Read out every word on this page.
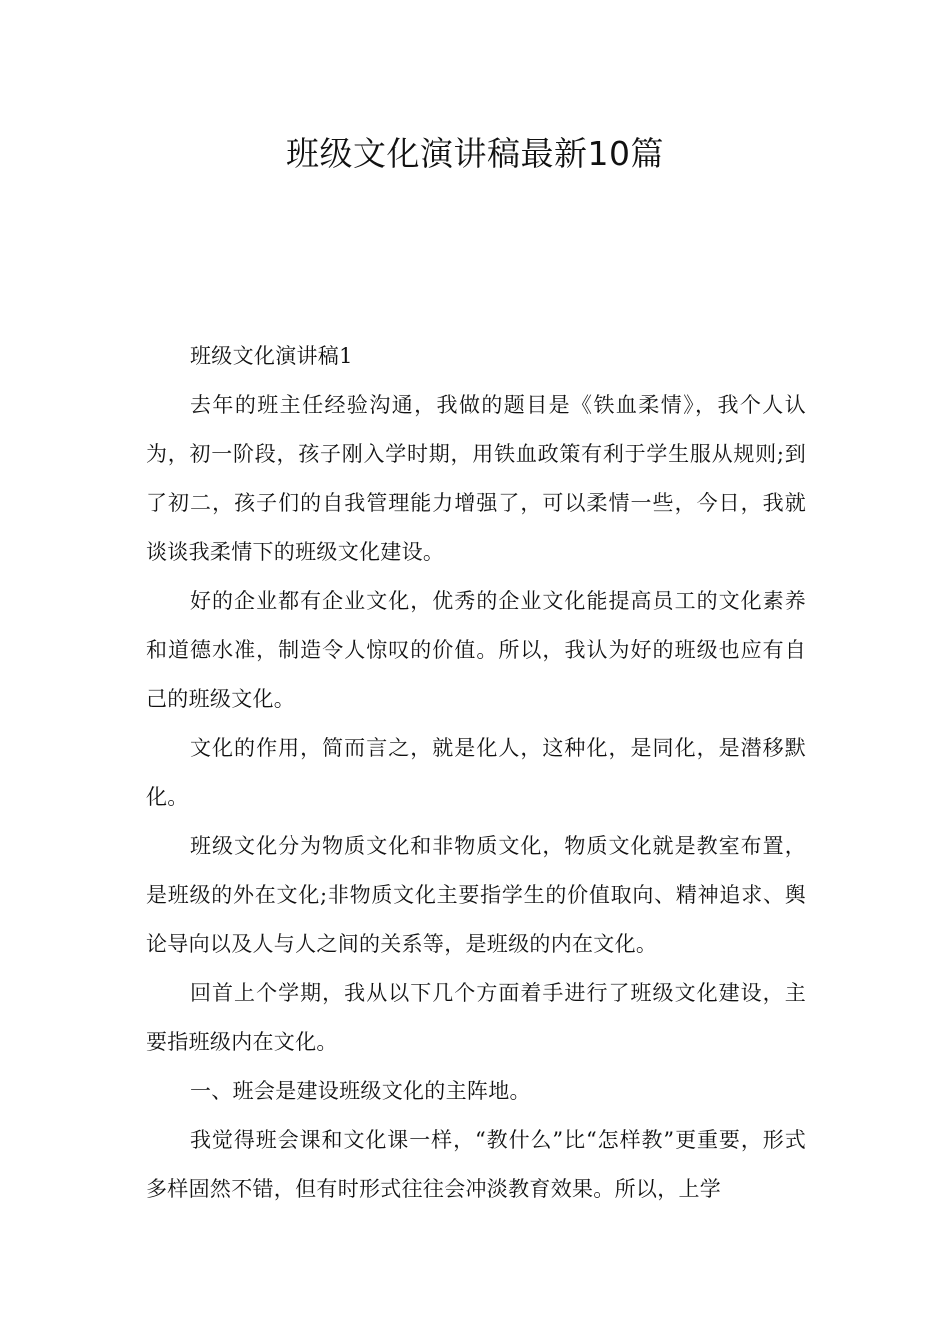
班级文化演讲稿最新10篇

班级文化演讲稿1

去年的班主任经验沟通，我做的题目是《铁血柔情》，我个人认为，初一阶段，孩子刚入学时期，用铁血政策有利于学生服从规则;到了初二，孩子们的自我管理能力增强了，可以柔情一些，今日，我就谈谈我柔情下的班级文化建设。

好的企业都有企业文化，优秀的企业文化能提高员工的文化素养和道德水准，制造令人惊叹的价值。所以，我认为好的班级也应有自己的班级文化。

文化的作用，简而言之，就是化人，这种化，是同化，是潜移默化。

班级文化分为物质文化和非物质文化，物质文化就是教室布置，是班级的外在文化;非物质文化主要指学生的价值取向、精神追求、舆论导向以及人与人之间的关系等，是班级的内在文化。

回首上个学期，我从以下几个方面着手进行了班级文化建设，主要指班级内在文化。

一、班会是建设班级文化的主阵地。

我觉得班会课和文化课一样，“教什么”比“怎样教”更重要，形式多样固然不错，但有时形式往往会冲淡教育效果。所以，上学
